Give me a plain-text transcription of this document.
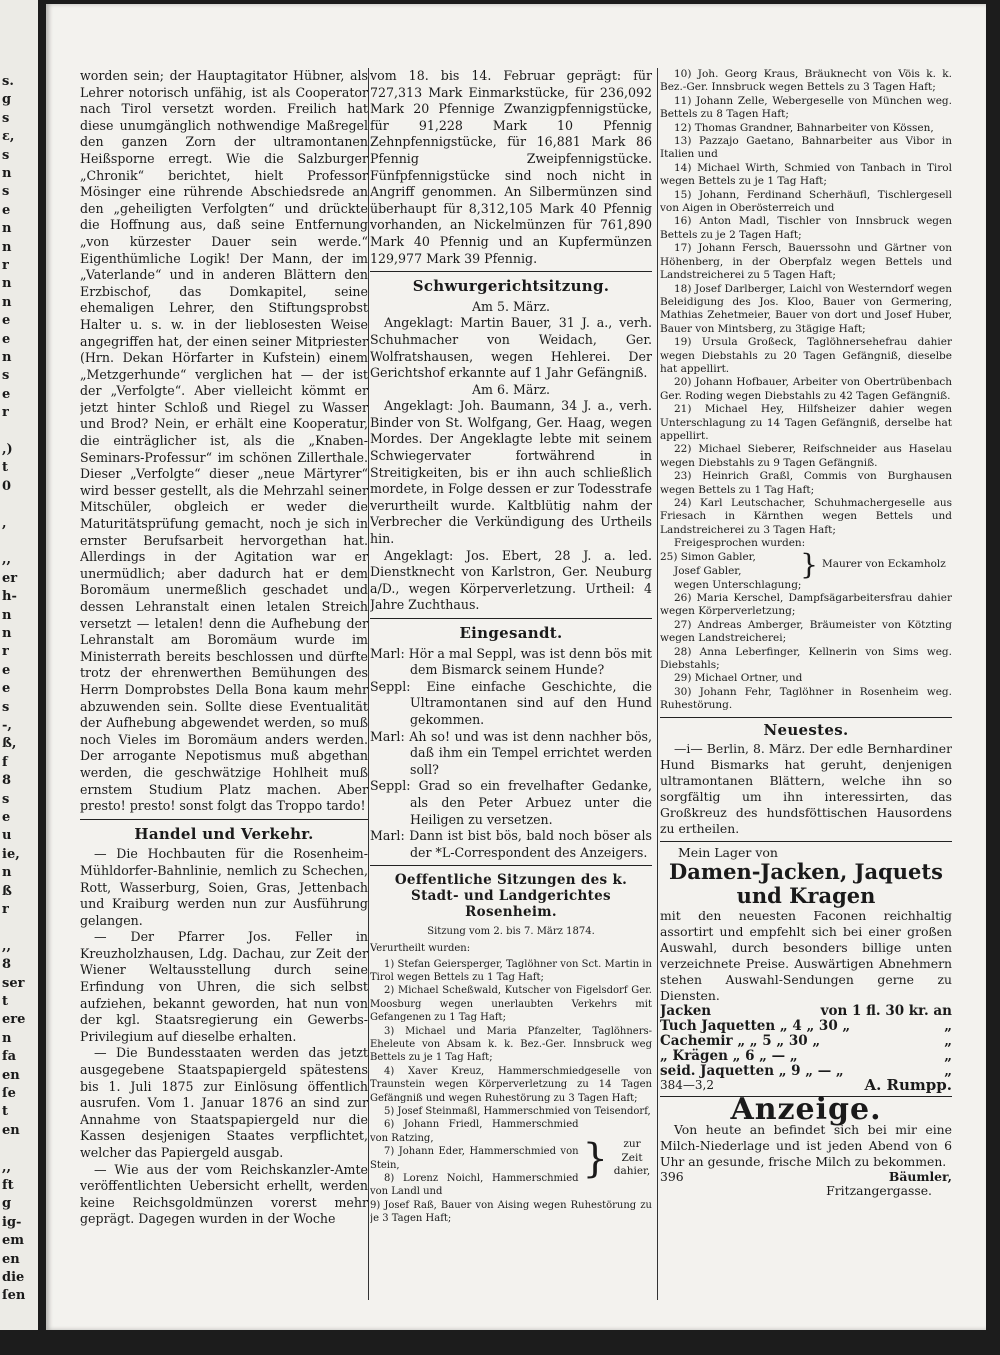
s.
g
s
ɛ,
s
n
s
e
n
n
r
n
n
e
e
n
s
e
r
,)
t
0
,
,,
er
h-
n
n
r
e
e
s
-,
ß,
f
8
s
e
u
ie,
n
ß
r
,,
8
ser
t
ere
n
fa
en
ſe
t
en
,,
ft
g
ig-
em
en
die
ſen

worden sein; der Hauptagitator Hübner, als Lehrer notorisch unfähig, ist als Cooperator nach Tirol versetzt worden. Freilich hat diese unumgänglich nothwendige Maßregel den ganzen Zorn der ultramontanen Heißsporne erregt. Wie die Salzburger „Chronik“ berichtet, hielt Professor Mösinger eine rührende Abschiedsrede an den „geheiligten Verfolgten“ und drückte die Hoffnung aus, daß seine Entfernung „von kürzester Dauer sein werde.“ Eigenthümliche Logik! Der Mann, der im „Vaterlande“ und in anderen Blättern den Erzbischof, das Domkapitel, seine ehemaligen Lehrer, den Stiftungsprobst Halter u. s. w. in der lieblosesten Weise angegriffen hat, der einen seiner Mitpriester (Hrn. Dekan Hörfarter in Kufstein) einem „Metzgerhunde“ verglichen hat — der ist der „Verfolgte“. Aber vielleicht kömmt er jetzt hinter Schloß und Riegel zu Wasser und Brod? Nein, er erhält eine Kooperatur, die einträglicher ist, als die „Knaben-Seminars-Professur“ im schönen Zillerthale. Dieser „Verfolgte“ dieser „neue Märtyrer“ wird besser gestellt, als die Mehrzahl seiner Mitschüler, obgleich er weder die Maturitätsprüfung gemacht, noch je sich in ernster Berufsarbeit hervorgethan hat. Allerdings in der Agitation war er unermüdlich; aber dadurch hat er dem Boromäum unermeßlich geschadet und dessen Lehranstalt einen letalen Streich versetzt — letalen! denn die Aufhebung der Lehranstalt am Boromäum wurde im Ministerrath bereits beschlossen und dürfte trotz der ehrenwerthen Bemühungen des Herrn Domprobstes Della Bona kaum mehr abzuwenden sein. Sollte diese Eventualität der Aufhebung abgewendet werden, so muß noch Vieles im Boromäum anders werden. Der arrogante Nepotismus muß abgethan werden, die geschwätzige Hohlheit muß ernstem Studium Platz machen. Aber presto! presto! sonst folgt das Troppo tardo!

Handel und Verkehr.

— Die Hochbauten für die Rosenheim-Mühldorfer-Bahnlinie, nemlich zu Schechen, Rott, Wasserburg, Soien, Gras, Jettenbach und Kraiburg werden nun zur Ausführung gelangen.

— Der Pfarrer Jos. Feller in Kreuzholzhausen, Ldg. Dachau, zur Zeit der Wiener Weltausstellung durch seine Erfindung von Uhren, die sich selbst aufziehen, bekannt geworden, hat nun von der kgl. Staatsregierung ein Gewerbs-Privilegium auf dieselbe erhalten.

— Die Bundesstaaten werden das jetzt ausgegebene Staatspapiergeld spätestens bis 1. Juli 1875 zur Einlösung öffentlich ausrufen. Vom 1. Januar 1876 an sind zur Annahme von Staatspapiergeld nur die Kassen desjenigen Staates verpflichtet, welcher das Papiergeld ausgab.

— Wie aus der vom Reichskanzler-Amte veröffentlichten Uebersicht erhellt, werden keine Reichsgoldmünzen vorerst mehr geprägt. Dagegen wurden in der Woche

vom 18. bis 14. Februar geprägt: für 727,313 Mark Einmarkstücke, für 236,092 Mark 20 Pfennige Zwanzigpfennigstücke, für 91,228 Mark 10 Pfennig Zehnpfennigstücke, für 16,881 Mark 86 Pfennig Zweipfennigstücke. Fünfpfennigstücke sind noch nicht in Angriff genommen. An Silbermünzen sind überhaupt für 8,312,105 Mark 40 Pfennig vorhanden, an Nickelmünzen für 761,890 Mark 40 Pfennig und an Kupfermünzen 129,977 Mark 39 Pfennig.

Schwurgerichtsitzung.

Am 5. März.

Angeklagt: Martin Bauer, 31 J. a., verh. Schuhmacher von Weidach, Ger. Wolfratshausen, wegen Hehlerei. Der Gerichtshof erkannte auf 1 Jahr Gefängniß.

Am 6. März.

Angeklagt: Joh. Baumann, 34 J. a., verh. Binder von St. Wolfgang, Ger. Haag, wegen Mordes. Der Angeklagte lebte mit seinem Schwiegervater fortwährend in Streitigkeiten, bis er ihn auch schließlich mordete, in Folge dessen er zur Todesstrafe verurtheilt wurde. Kaltblütig nahm der Verbrecher die Verkündigung des Urtheils hin.

Angeklagt: Jos. Ebert, 28 J. a. led. Dienstknecht von Karlstron, Ger. Neuburg a/D., wegen Körperverletzung. Urtheil: 4 Jahre Zuchthaus.

Eingesandt.

Marl: Hör a mal Seppl, was ist denn bös mit dem Bismarck seinem Hunde?

Seppl: Eine einfache Geschichte, die Ultramontanen sind auf den Hund gekommen.

Marl: Ah so! und was ist denn nachher bös, daß ihm ein Tempel errichtet werden soll?

Seppl: Grad so ein frevelhafter Gedanke, als den Peter Arbuez unter die Heiligen zu versetzen.

Marl: Dann ist bist bös, bald noch böser als der *L-Correspondent des Anzeigers.

Oeffentliche Sitzungen des k. Stadt- und Landgerichtes Rosenheim.

Sitzung vom 2. bis 7. März 1874.

Verurtheilt wurden:

1) Stefan Geiersperger, Taglöhner von Sct. Martin in Tirol wegen Bettels zu 1 Tag Haft;

2) Michael Scheßwald, Kutscher von Figelsdorf Ger. Moosburg wegen unerlaubten Verkehrs mit Gefangenen zu 1 Tag Haft;

3) Michael und Maria Pfanzelter, Taglöhners-Eheleute von Absam k. k. Bez.-Ger. Innsbruck weg Bettels zu je 1 Tag Haft;

4) Xaver Kreuz, Hammerschmiedgeselle von Traunstein wegen Körperverletzung zu 14 Tagen Gefängniß und wegen Ruhestörung zu 3 Tagen Haft;

5) Josef Steinmaßl, Hammerschmied von Teisendorf,

6) Johann Friedl, Hammerschmied von Ratzing,

7) Johann Eder, Hammerschmied von Stein,

8) Lorenz Noichl, Hammerschmied von Landl und

}	zur Zeit dahier,

9) Josef Raß, Bauer von Aising wegen Ruhestörung zu je 3 Tagen Haft;

10) Joh. Georg Kraus, Bräuknecht von Vöis k. k. Bez.-Ger. Innsbruck wegen Bettels zu 3 Tagen Haft;

11) Johann Zelle, Webergeselle von München weg. Bettels zu 8 Tagen Haft;

12) Thomas Grandner, Bahnarbeiter von Kössen,

13) Pazzajo Gaetano, Bahnarbeiter aus Vibor in Italien und

14) Michael Wirth, Schmied von Tanbach in Tirol wegen Bettels zu je 1 Tag Haft;

15) Johann, Ferdinand Scherhäufl, Tischlergesell von Aigen in Oberösterreich und

16) Anton Madl, Tischler von Innsbruck wegen Bettels zu je 2 Tagen Haft;

17) Johann Fersch, Bauerssohn und Gärtner von Höhenberg, in der Oberpfalz wegen Bettels und Landstreicherei zu 5 Tagen Haft;

18) Josef Darlberger, Laichl von Westerndorf wegen Beleidigung des Jos. Kloo, Bauer von Germering, Mathias Zehetmeier, Bauer von dort und Josef Huber, Bauer von Mintsberg, zu 3tägige Haft;

19) Ursula Großeck, Taglöhnersehefrau dahier wegen Diebstahls zu 20 Tagen Gefängniß, dieselbe hat appellirt.

20) Johann Hofbauer, Arbeiter von Obertrübenbach Ger. Roding wegen Diebstahls zu 42 Tagen Gefängniß.

21) Michael Hey, Hilfsheizer dahier wegen Unterschlagung zu 14 Tagen Gefängniß, derselbe hat appellirt.

22) Michael Sieberer, Reifschneider aus Haselau wegen Diebstahls zu 9 Tagen Gefängniß.

23) Heinrich Graßl, Commis von Burghausen wegen Bettels zu 1 Tag Haft;

24) Karl Leutschacher, Schuhmachergeselle aus Friesach in Kärnthen wegen Bettels und Landstreicherei zu 3 Tagen Haft;

Freigesprochen wurden:

25) Simon Gabler,

Josef Gabler,	} Maurer von Eckamholz

wegen Unterschlagung;

26) Maria Kerschel, Dampfsägarbeitersfrau dahier wegen Körperverletzung;

27) Andreas Amberger, Bräumeister von Kötzting wegen Landstreicherei;

28) Anna Leberfinger, Kellnerin von Sims weg. Diebstahls;

29) Michael Ortner, und

30) Johann Fehr, Taglöhner in Rosenheim weg. Ruhestörung.

Neuestes.

—i— Berlin, 8. März. Der edle Bernhardiner Hund Bismarks hat geruht, denjenigen ultramontanen Blättern, welche ihn so sorgfältig um ihn interessirten, das Großkreuz des hundsföttischen Hausordens zu ertheilen.

Mein Lager von

Damen-Jacken, Jaquets
und Kragen

mit den neuesten Faconen reichhaltig assortirt und empfehlt sich bei einer großen Auswahl, durch besonders billige unten verzeichnete Preise. Auswärtigen Abnehmern stehen Auswahl-Sendungen gerne zu Diensten.

Jacken	von 1 fl. 30 kr. an
Tuch Jaquetten „ 4 „ 30 „	„
Cachemir „ „ 5 „ 30 „	„
„ Krägen „ 6 „ — „	„
seid. Jaquetten „ 9 „ — „	„
384—3,2	A. Rumpp.
Anzeige.

Von heute an befindet sich bei mir eine Milch-Niederlage und ist jeden Abend von 6 Uhr an gesunde, frische Milch zu bekommen.

396	Bäumler,

Fritzangergasse.
